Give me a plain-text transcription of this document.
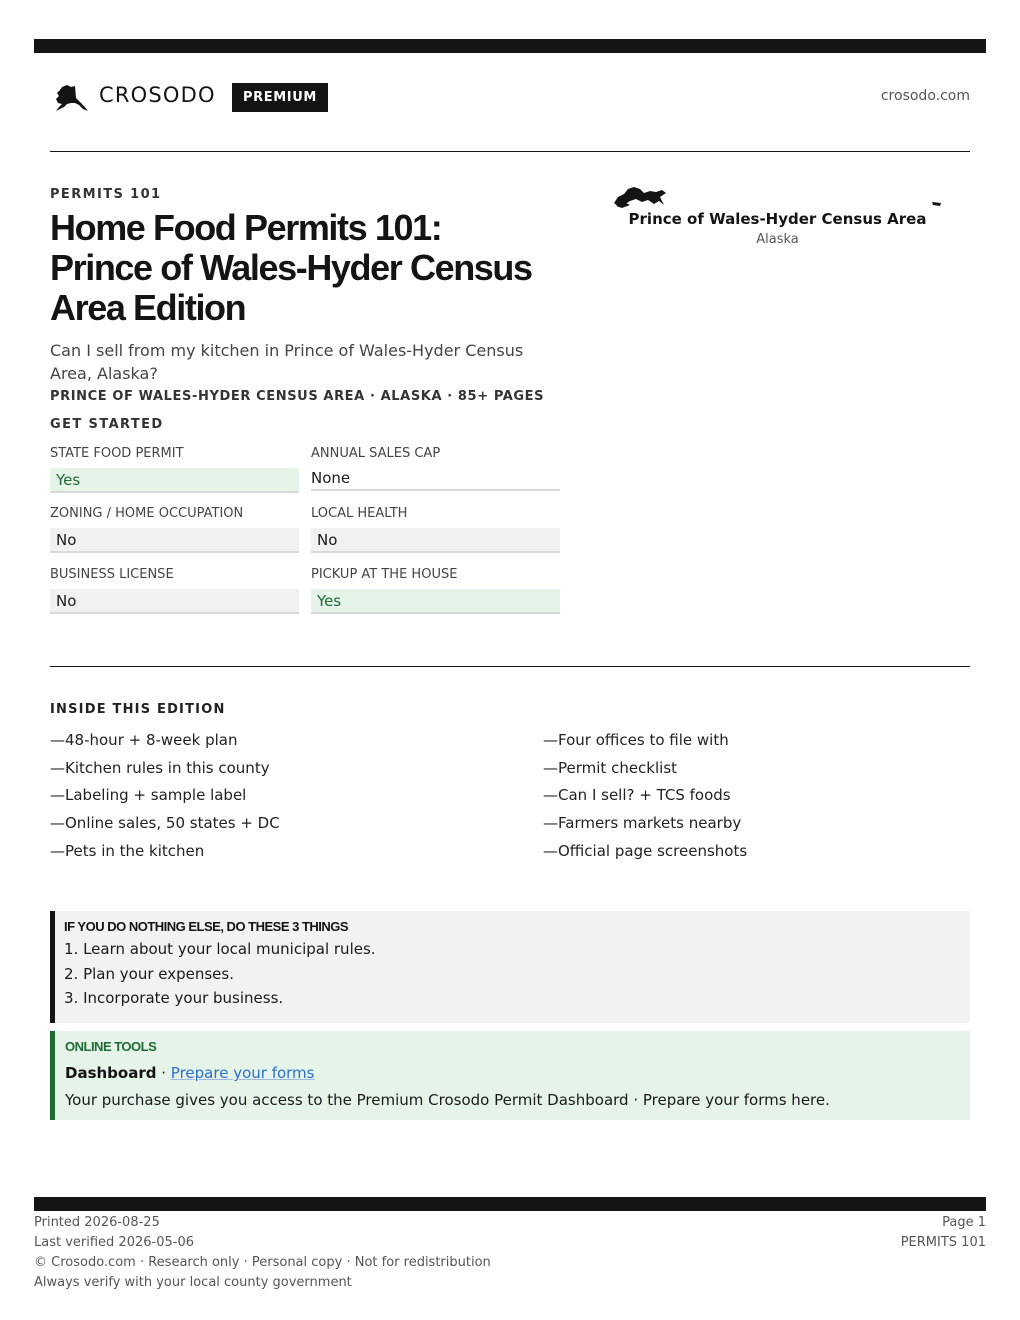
CROSODO	PREMIUM	crosodo.com
PERMITS 101
Home Food Permits 101: Prince of Wales-Hyder Census Area Edition
Can I sell from my kitchen in Prince of Wales-Hyder Census Area, Alaska?
PRINCE OF WALES-HYDER CENSUS AREA · ALASKA · 85+ PAGES
GET STARTED
STATE FOOD PERMIT
Yes
ANNUAL SALES CAP
None
ZONING / HOME OCCUPATION
No
LOCAL HEALTH
No
BUSINESS LICENSE
No
PICKUP AT THE HOUSE
Yes
Prince of Wales-Hyder Census Area
Alaska
INSIDE THIS EDITION
—48-hour + 8-week plan
—Kitchen rules in this county
—Labeling + sample label
—Online sales, 50 states + DC
—Pets in the kitchen
—Four offices to file with
—Permit checklist
—Can I sell? + TCS foods
—Farmers markets nearby
—Official page screenshots
IF YOU DO NOTHING ELSE, DO THESE 3 THINGS
1. Learn about your local municipal rules.
2. Plan your expenses.
3. Incorporate your business.
ONLINE TOOLS
Dashboard · Prepare your forms
Your purchase gives you access to the Premium Crosodo Permit Dashboard · Prepare your forms here.
Printed 2026-08-25
Last verified 2026-05-06
© Crosodo.com · Research only · Personal copy · Not for redistribution
Always verify with your local county government
Page 1
PERMITS 101
